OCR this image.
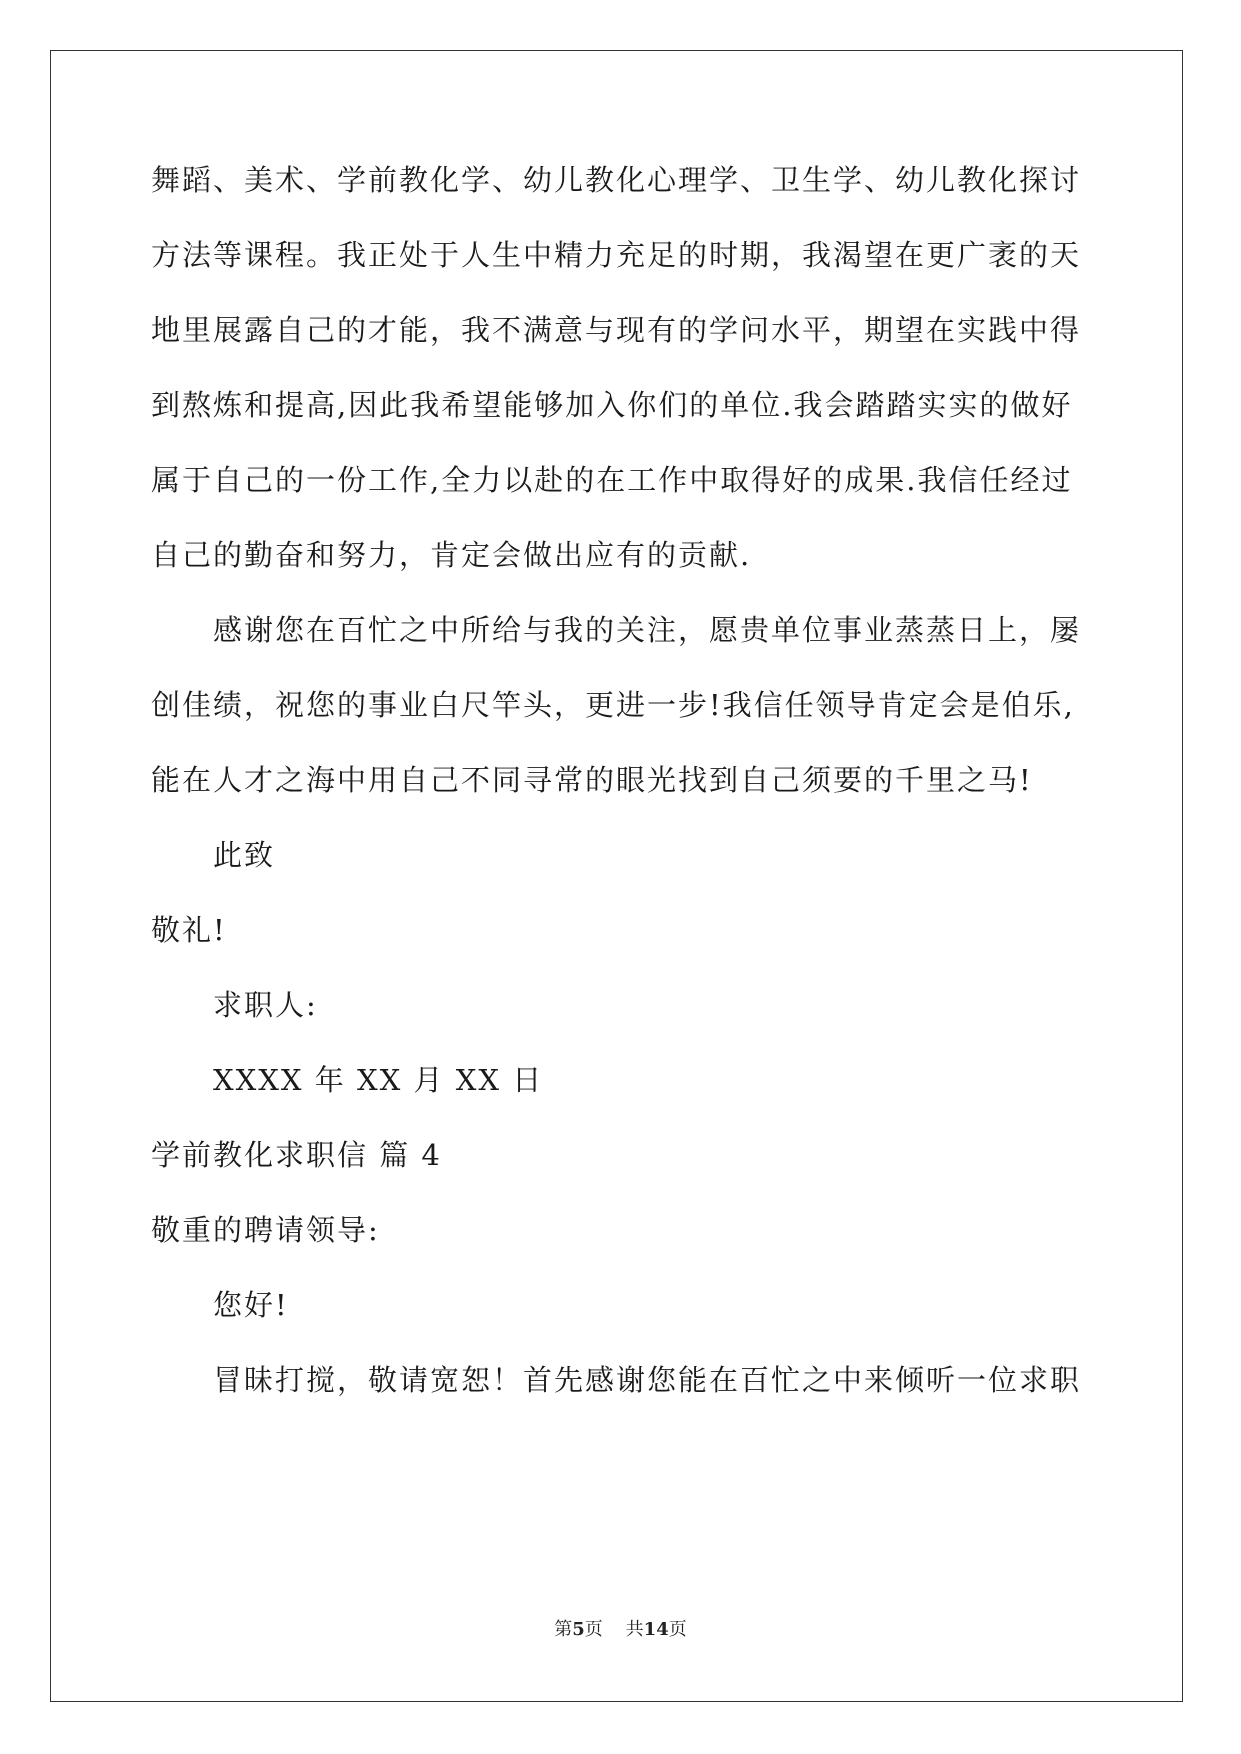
舞蹈、美术、学前教化学、幼儿教化心理学、卫生学、幼儿教化探讨
方法等课程。我正处于人生中精力充足的时期，我渴望在更广袤的天
地里展露自己的才能，我不满意与现有的学问水平，期望在实践中得
到熬炼和提高,因此我希望能够加入你们的单位.我会踏踏实实的做好
属于自己的一份工作,全力以赴的在工作中取得好的成果.我信任经过
自己的勤奋和努力，肯定会做出应有的贡献.
感谢您在百忙之中所给与我的关注，愿贵单位事业蒸蒸日上，屡
创佳绩，祝您的事业白尺竿头，更进一步!我信任领导肯定会是伯乐,
能在人才之海中用自己不同寻常的眼光找到自己须要的千里之马!
此致
敬礼!
求职人:
XXXX 年 XX 月 XX 日
学前教化求职信 篇 4
敬重的聘请领导:
您好!
冒昧打搅，敬请宽恕！首先感谢您能在百忙之中来倾听一位求职
第5页 共14页
